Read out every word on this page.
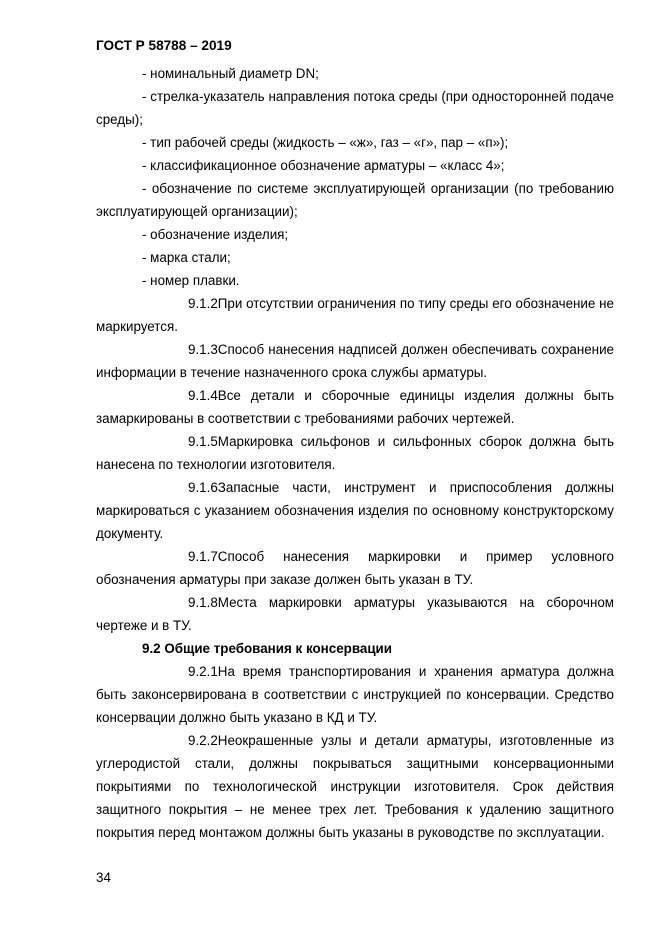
ГОСТ Р 58788 – 2019

- номинальный диаметр DN;

- стрелка-указатель направления потока среды (при односторонней подаче среды);

- тип рабочей среды (жидкость – «ж», газ – «г», пар – «п»);

- классификационное обозначение арматуры – «класс 4»;

- обозначение по системе эксплуатирующей организации (по требованию эксплуатирующей организации);

- обозначение изделия;

- марка стали;

- номер плавки.

9.1.2При отсутствии ограничения по типу среды его обозначение не маркируется.

9.1.3Способ нанесения надписей должен обеспечивать сохранение информации в течение назначенного срока службы арматуры.

9.1.4Все детали и сборочные единицы изделия должны быть замаркированы в соответствии с требованиями рабочих чертежей.

9.1.5Маркировка сильфонов и сильфонных сборок должна быть нанесена по технологии изготовителя.

9.1.6Запасные части, инструмент и приспособления должны маркироваться с указанием обозначения изделия по основному конструкторскому документу.

9.1.7Способ нанесения маркировки и пример условного обозначения арматуры при заказе должен быть указан в ТУ.

9.1.8Места маркировки арматуры указываются на сборочном чертеже и в ТУ.

9.2 Общие требования к консервации

9.2.1На время транспортирования и хранения арматура должна быть законсервирована в соответствии с инструкцией по консервации. Средство консервации должно быть указано в КД и ТУ.

9.2.2Неокрашенные узлы и детали арматуры, изготовленные из углеродистой стали, должны покрываться защитными консервационными покрытиями по технологической инструкции изготовителя. Срок действия защитного покрытия – не менее трех лет. Требования к удалению защитного покрытия перед монтажом должны быть указаны в руководстве по эксплуатации.

34
